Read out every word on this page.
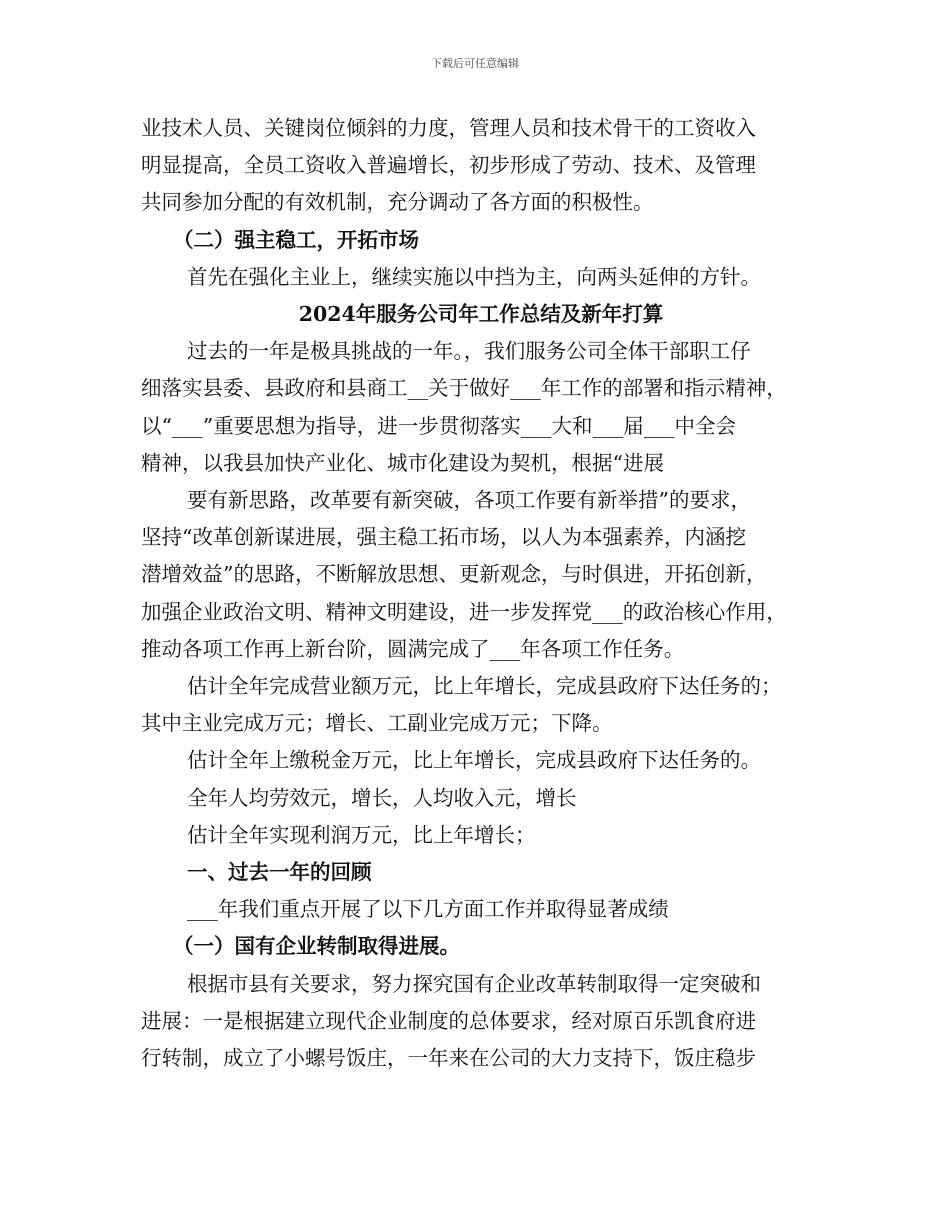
下载后可任意编辑

业技术人员、关键岗位倾斜的力度，管理人员和技术骨干的工资收入

明显提高，全员工资收入普遍增长，初步形成了劳动、技术、及管理

共同参加分配的有效机制，充分调动了各方面的积极性。

（二）强主稳工，开拓市场

首先在强化主业上，继续实施以中挡为主，向两头延伸的方针。

2024年服务公司年工作总结及新年打算

过去的一年是极具挑战的一年。，我们服务公司全体干部职工仔

细落实县委、县政府和县商工__关于做好___年工作的部署和指示精神，

以“___”重要思想为指导，进一步贯彻落实___大和___届___中全会

精神，以我县加快产业化、城市化建设为契机，根据“进展

要有新思路，改革要有新突破，各项工作要有新举措”的要求，

坚持“改革创新谋进展，强主稳工拓市场，以人为本强素养，内涵挖

潜增效益”的思路，不断解放思想、更新观念，与时俱进，开拓创新，

加强企业政治文明、精神文明建设，进一步发挥党___的政治核心作用，

推动各项工作再上新台阶，圆满完成了___年各项工作任务。

估计全年完成营业额万元，比上年增长，完成县政府下达任务的；

其中主业完成万元；增长、工副业完成万元；下降。

估计全年上缴税金万元，比上年增长，完成县政府下达任务的。

全年人均劳效元，增长，人均收入元，增长

估计全年实现利润万元，比上年增长；

一、过去一年的回顾

___年我们重点开展了以下几方面工作并取得显著成绩

（一）国有企业转制取得进展。

根据市县有关要求，努力探究国有企业改革转制取得一定突破和

进展：一是根据建立现代企业制度的总体要求，经对原百乐凯食府进

行转制，成立了小螺号饭庄，一年来在公司的大力支持下，饭庄稳步
